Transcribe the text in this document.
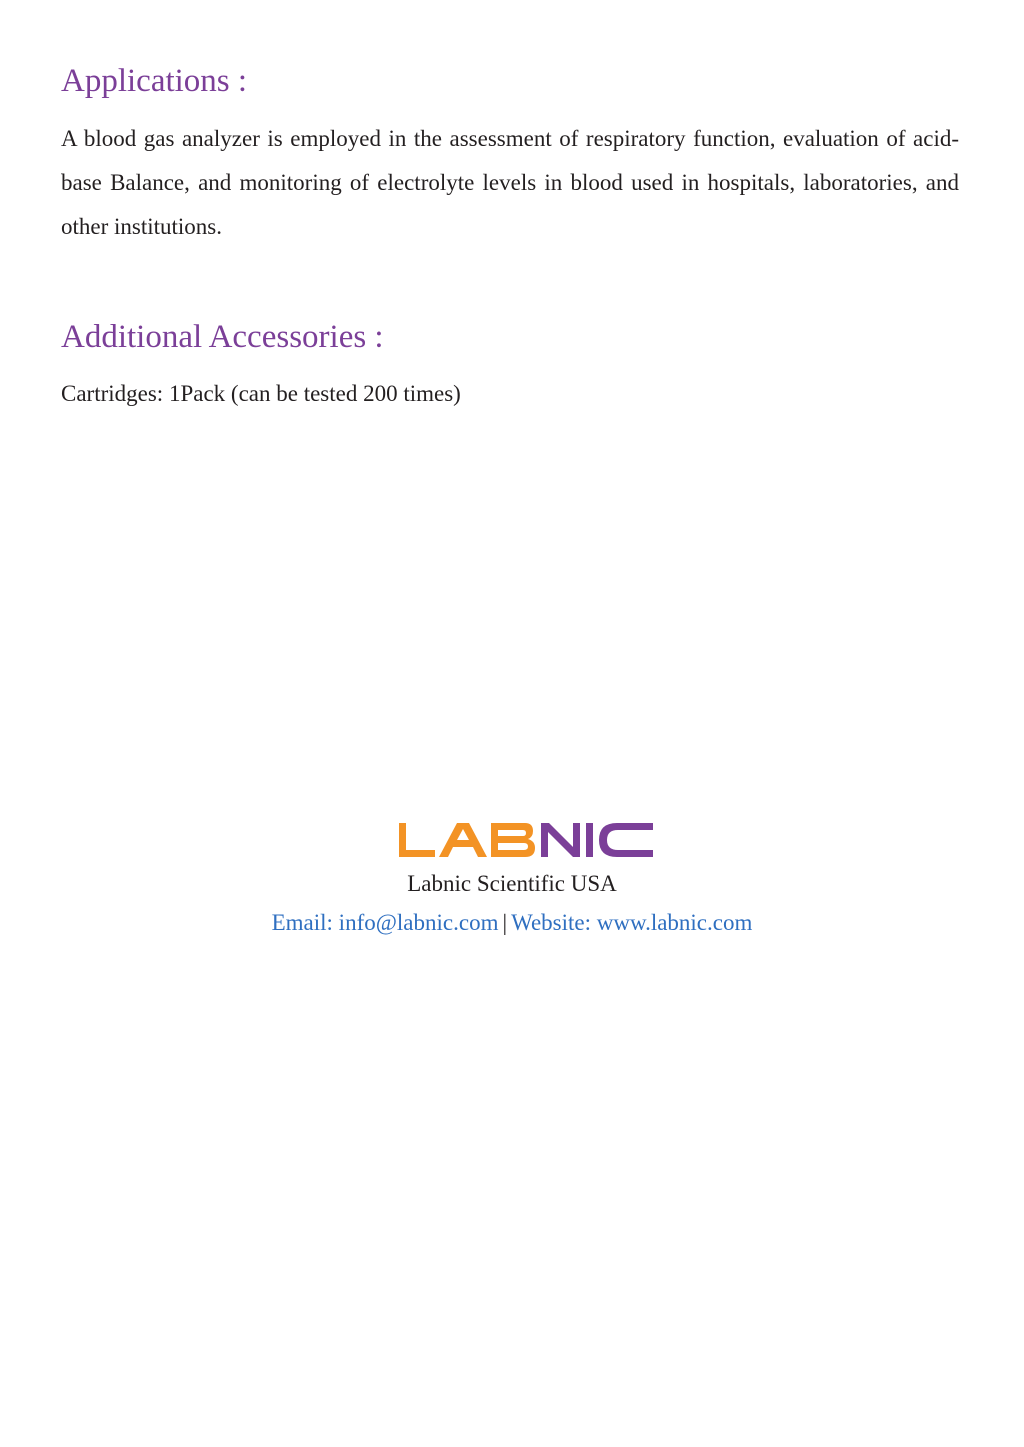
Applications :

A blood gas analyzer is employed in the assessment of respiratory function, evaluation of acid-base Balance, and monitoring of electrolyte levels in blood used in hospitals, laboratories, and other institutions.

Additional Accessories :

Cartridges: 1Pack (can be tested 200 times)

Labnic Scientific USA
Email: info@labnic.com | Website: www.labnic.com
